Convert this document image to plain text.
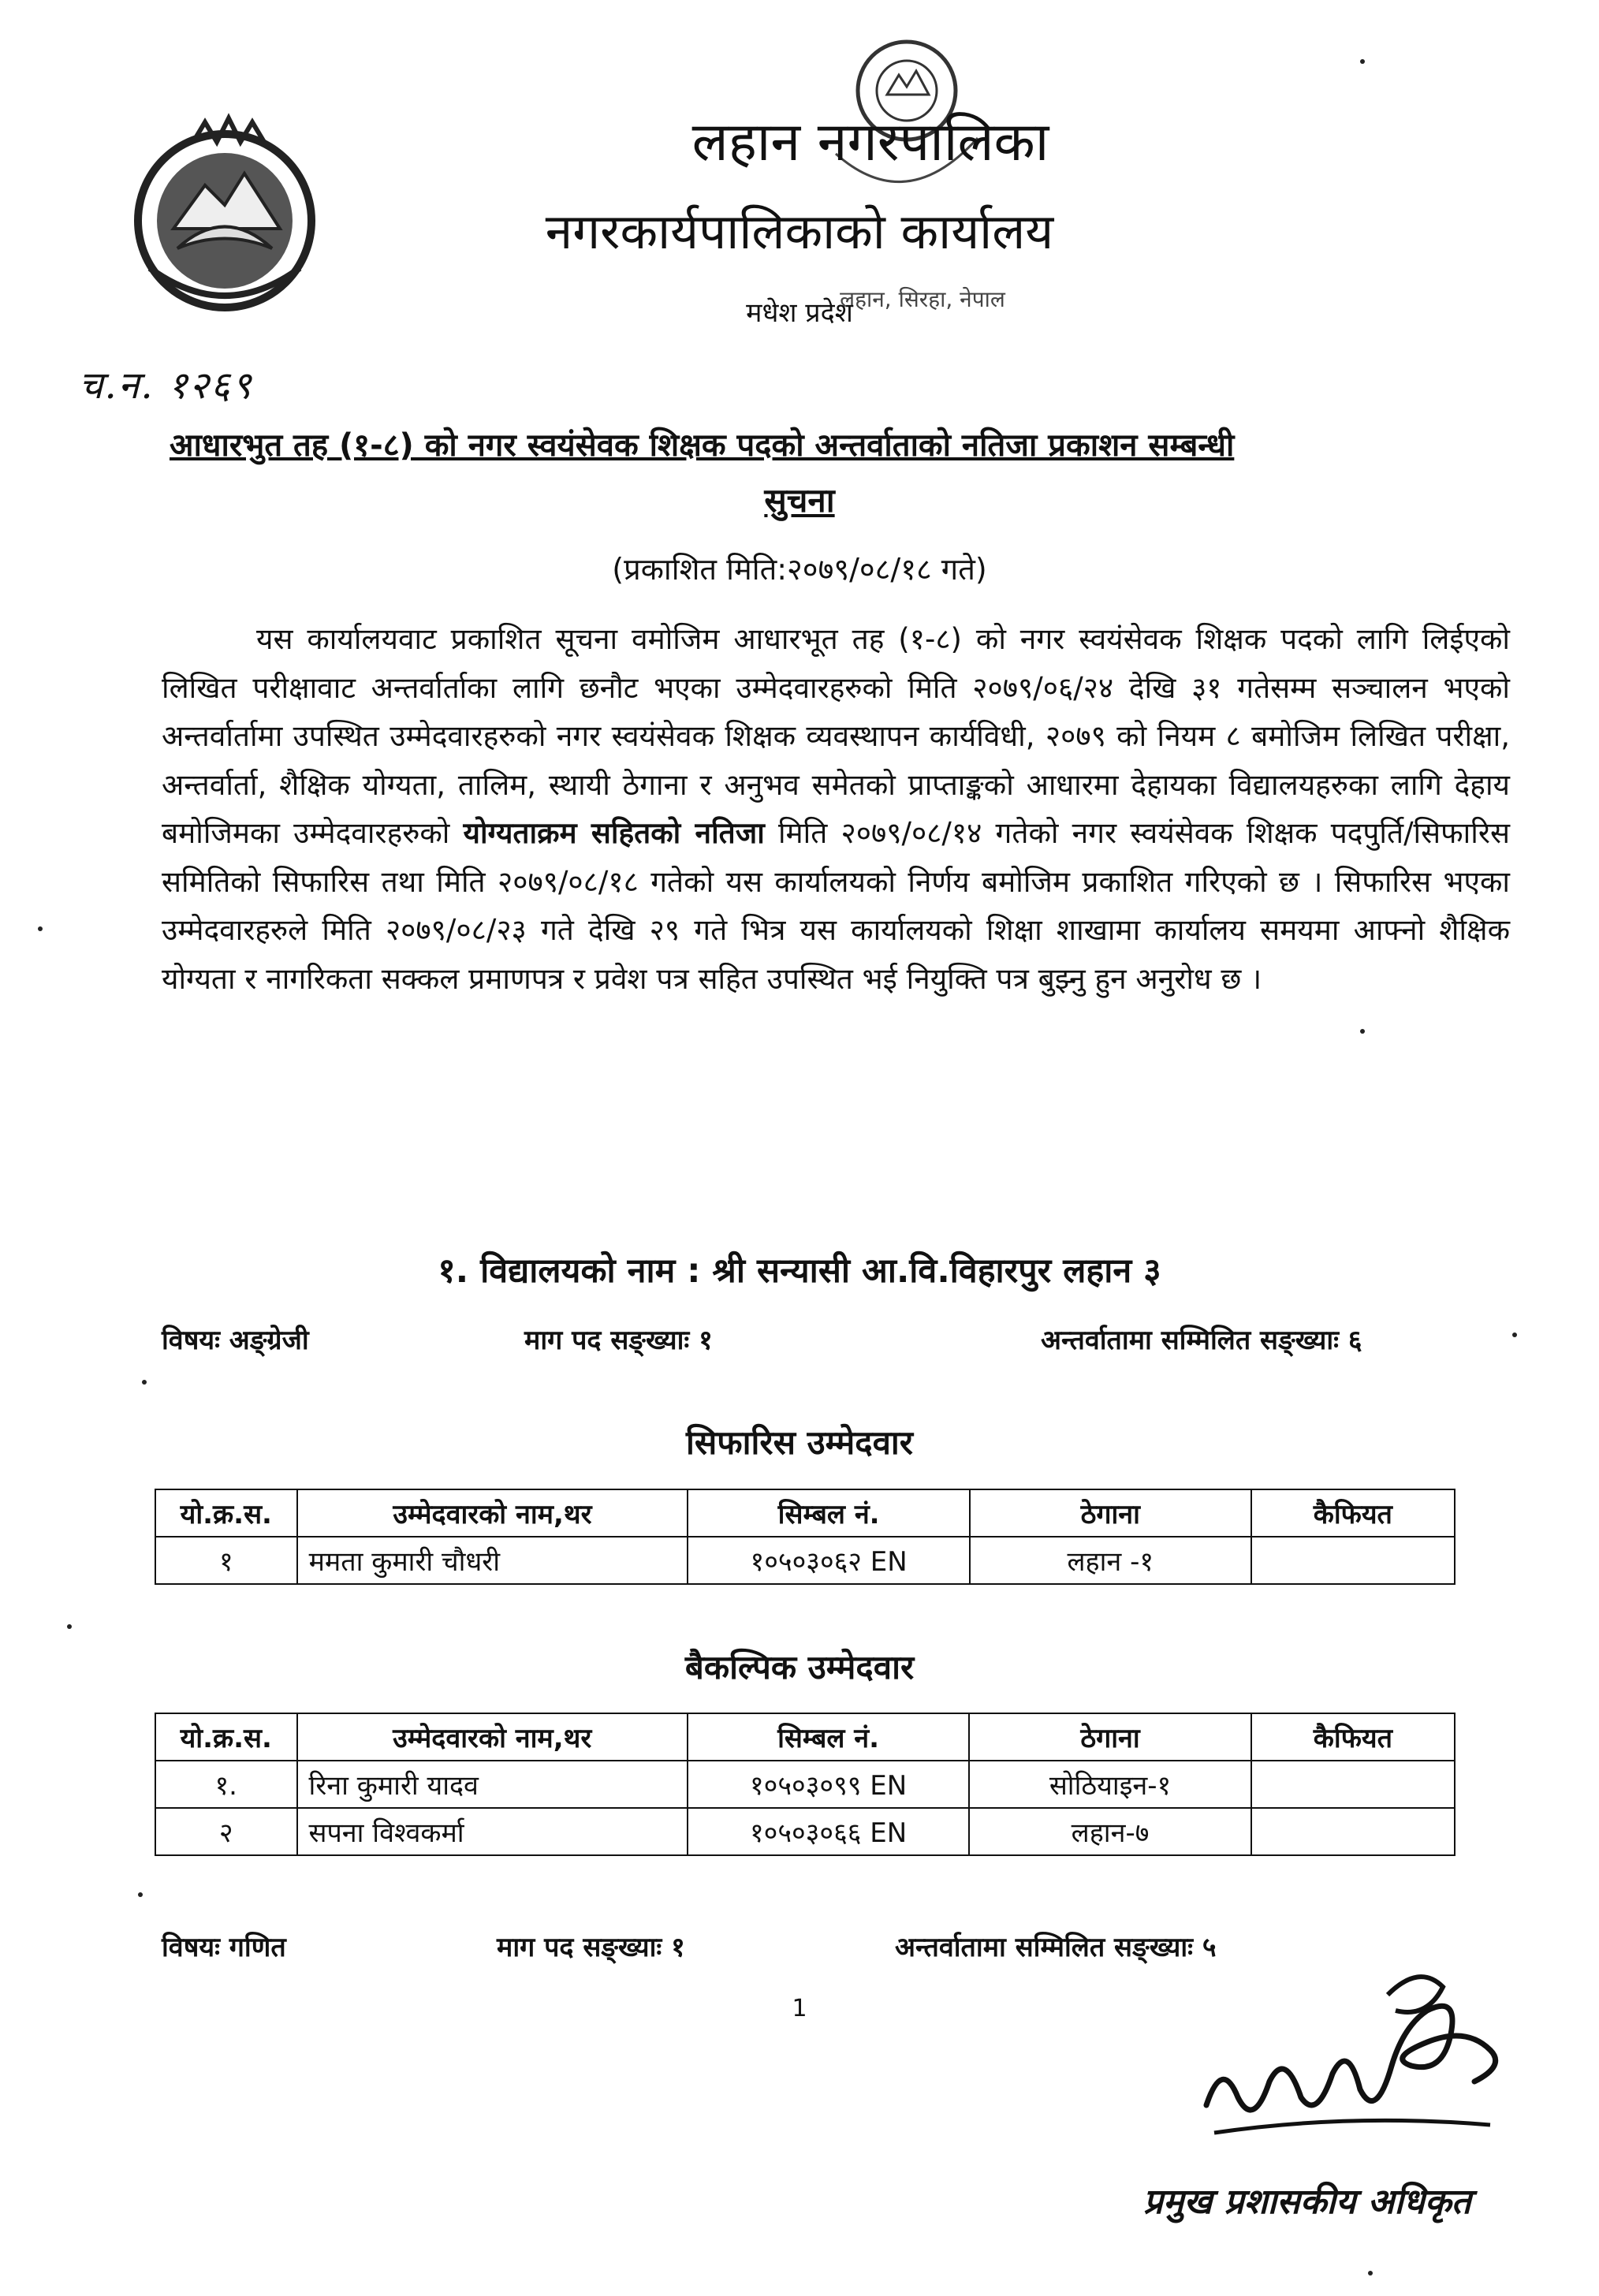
लहान नगरपालिका
नगरकार्यपालिकाको कार्यालय
लहान, सिरहा, नेपाल
मधेश प्रदेश
च.न. १२६९
आधारभुत तह (१-८) को नगर स्वयंसेवक शिक्षक पदको अन्तर्वाताको नतिजा प्रकाशन सम्बन्धी
सुचना
(प्रकाशित मिति:२०७९/०८/१८ गते)
यस कार्यालयवाट प्रकाशित सूचना वमोजिम आधारभूत तह (१-८) को नगर स्वयंसेवक शिक्षक पदको लागि लिईएको लिखित परीक्षावाट अन्तर्वार्ताका लागि छनौट भएका उम्मेदवारहरुको मिति २०७९/०६/२४ देखि ३१ गतेसम्म सञ्चालन भएको अन्तर्वार्तामा उपस्थित उम्मेदवारहरुको नगर स्वयंसेवक शिक्षक व्यवस्थापन कार्यविधी, २०७९ को नियम ८ बमोजिम लिखित परीक्षा, अन्तर्वार्ता, शैक्षिक योग्यता, तालिम, स्थायी ठेगाना र अनुभव समेतको प्राप्ताङ्कको आधारमा देहायका विद्यालयहरुका लागि देहाय बमोजिमका उम्मेदवारहरुको योग्यताक्रम सहितको नतिजा मिति २०७९/०८/१४ गतेको नगर स्वयंसेवक शिक्षक पदपुर्ति/सिफारिस समितिको सिफारिस तथा मिति २०७९/०८/१८ गतेको यस कार्यालयको निर्णय बमोजिम प्रकाशित गरिएको छ । सिफारिस भएका उम्मेदवारहरुले मिति २०७९/०८/२३ गते देखि २९ गते भित्र यस कार्यालयको शिक्षा शाखामा कार्यालय समयमा आफ्नो शैक्षिक योग्यता र नागरिकता सक्कल प्रमाणपत्र र प्रवेश पत्र सहित उपस्थित भई नियुक्ति पत्र बुझ्नु हुन अनुरोध छ ।
१. विद्यालयको नाम : श्री सन्यासी आ.वि.विहारपुर लहान ३
विषयः अङ्ग्रेजी	माग पद सङ्ख्याः १	अन्तर्वातामा सम्मिलित सङ्ख्याः ६
सिफारिस उम्मेदवार
यो.क्र.स.	उम्मेदवारको नाम,थर	सिम्बल नं.	ठेगाना	कैफियत
१	ममता कुमारी चौधरी	१०५०३०६२ EN	लहान -१	
बैकल्पिक उम्मेदवार
यो.क्र.स.	उम्मेदवारको नाम,थर	सिम्बल नं.	ठेगाना	कैफियत
१.	रिना कुमारी यादव	१०५०३०९९ EN	सोठियाइन-१	
२	सपना विश्वकर्मा	१०५०३०६६ EN	लहान-७	
विषयः गणित	माग पद सङ्ख्याः १	अन्तर्वातामा सम्मिलित सङ्ख्याः ५
1
प्रमुख प्रशासकीय अधिकृत
